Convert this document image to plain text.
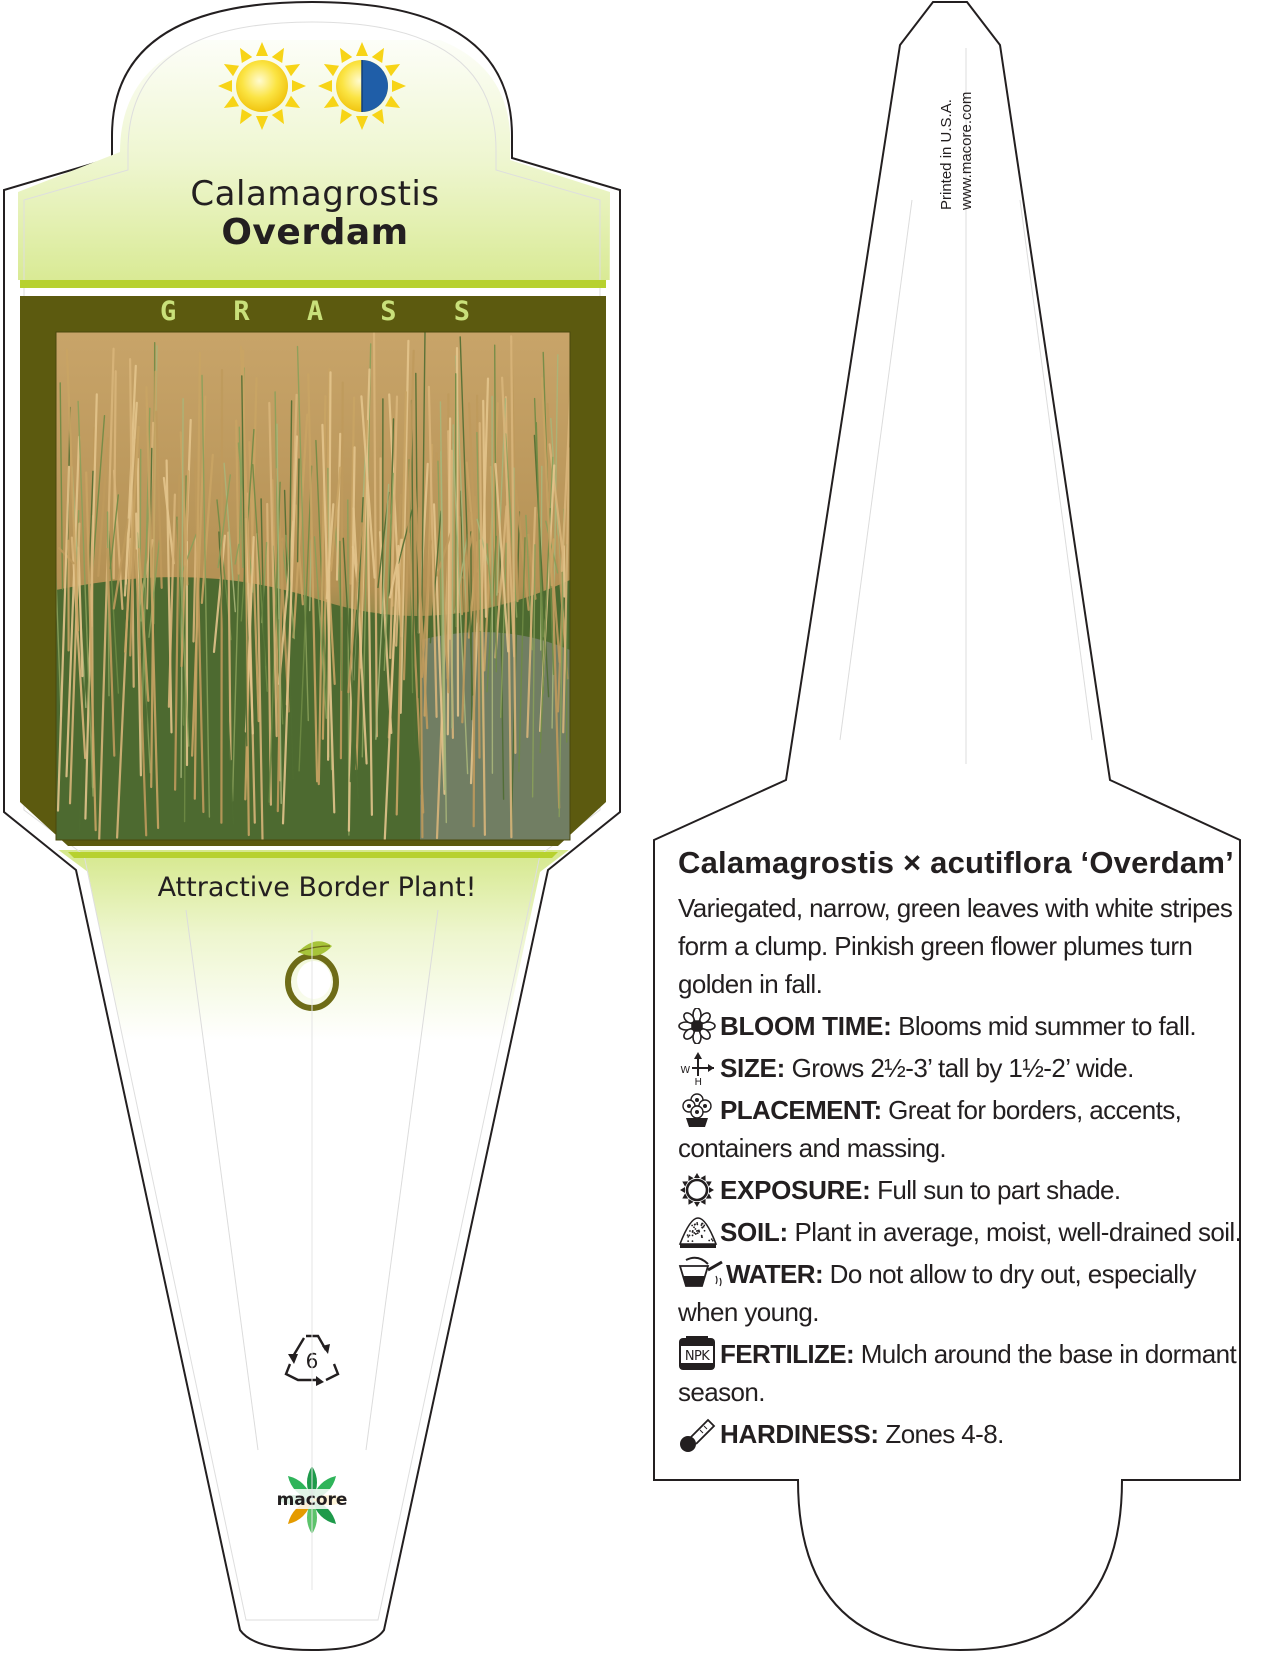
6
macore
Calamagrostis
Overdam
G R A S S
Attractive Border Plant!
Printed in U.S.A. www.macore.com
Calamagrostis × acutiflora ‘Overdam’

Variegated, narrow, green leaves with white stripes form a clump. Pinkish green flower plumes turn golden in fall.

BLOOM TIME: Blooms mid summer to fall.
W
H SIZE: Grows 2½-3’ tall by 1½-2’ wide.
PLACEMENT: Great for borders, accents, containers and massing.
EXPOSURE: Full sun to part shade.
SOIL: Plant in average, moist, well-drained soil.
WATER: Do not allow to dry out, especially when young.
NPK FERTILIZE: Mulch around the base in dormant season.
HARDINESS: Zones 4-8.
